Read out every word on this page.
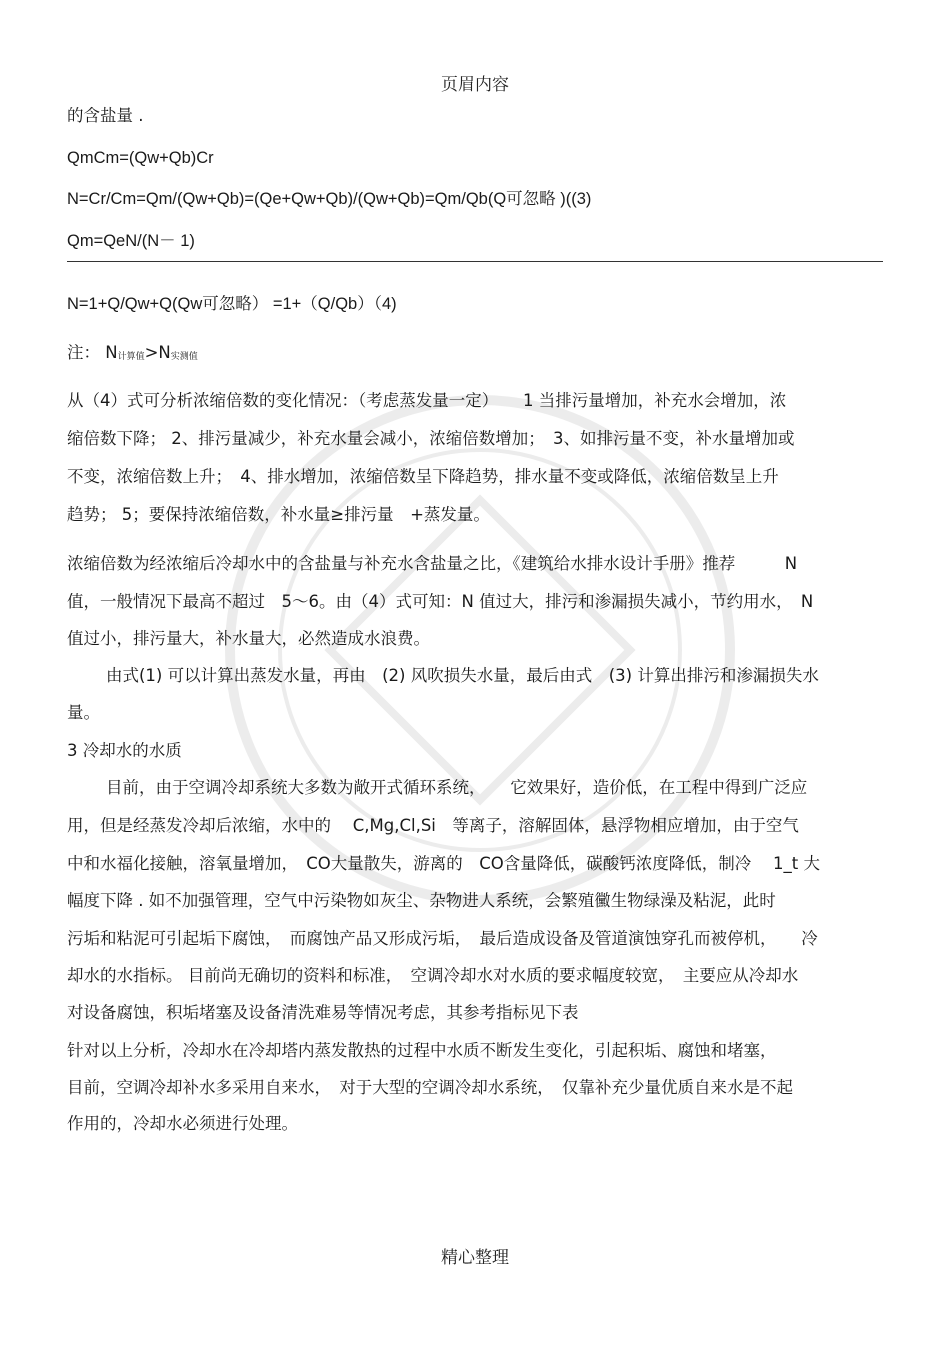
页眉内容
的含盐量 .
QmCm=(Qw+Qb)Cr
N=Cr/Cm=Qm/(Qw+Qb)=(Qe+Qw+Qb)/(Qw+Qb)=Qm/Qb(Q可忽略 )((3)
Qm=QeN/(N－ 1)
N=1+Q/Qw+Q(Qw可忽略） =1+（Q/Qb）（4)
注： $N_{计算值}>N_{实测值}$
从（4）式可分析浓缩倍数的变化情况：（考虑蒸发量一定）　　1 当排污量增加，补充水会增加，浓
缩倍数下降； 2、排污量减少，补充水量会减小，浓缩倍数增加；　3、如排污量不变，补水量增加或
不变，浓缩倍数上升；　4、排水增加，浓缩倍数呈下降趋势，排水量不变或降低，浓缩倍数呈上升
趋势； 5；要保持浓缩倍数，补水量≥排污量　+蒸发量。
浓缩倍数为经浓缩后冷却水中的含盐量与补充水含盐量之比，《建筑给水排水设计手册》推荐　　　N
值，一般情况下最高不超过　5～6。由（4）式可知：N 值过大，排污和渗漏损失减小，节约用水，　N
值过小，排污量大，补水量大，必然造成水浪费。
由式(1) 可以计算出蒸发水量，再由　(2) 风吹损失水量，最后由式　(3) 计算出排污和渗漏损失水
量。
3 冷却水的水质
目前，由于空调冷却系统大多数为敞开式循环系统，　　它效果好，造价低，在工程中得到广泛应
用，但是经蒸发冷却后浓缩，水中的　 C,Mg,Cl,Si　等离子，溶解固体，悬浮物相应增加，由于空气
中和水福化接触，溶氧量增加，　CO大量散失，游离的　CO含量降低，碳酸钙浓度降低，制冷　 1_t 大
幅度下降 . 如不加强管理，空气中污染物如灰尘、杂物进人系统，会繁殖黴生物绿澡及粘泥，此时
污垢和粘泥可引起垢下腐蚀，　而腐蚀产品又形成污垢，　最后造成设备及管道演蚀穿孔而被停机，　　冷
却水的水指标。 目前尚无确切的资料和标准，　空调冷却水对水质的要求幅度较宽，　主要应从冷却水
对设备腐蚀，积垢堵塞及设备清洗难易等情况考虑，其参考指标见下表
针对以上分析，冷却水在冷却塔内蒸发散热的过程中水质不断发生变化，引起积垢、腐蚀和堵塞，
目前，空调冷却补水多采用自来水，　对于大型的空调冷却水系统，　仅靠补充少量优质自来水是不起
作用的，冷却水必须进行处理。
精心整理
